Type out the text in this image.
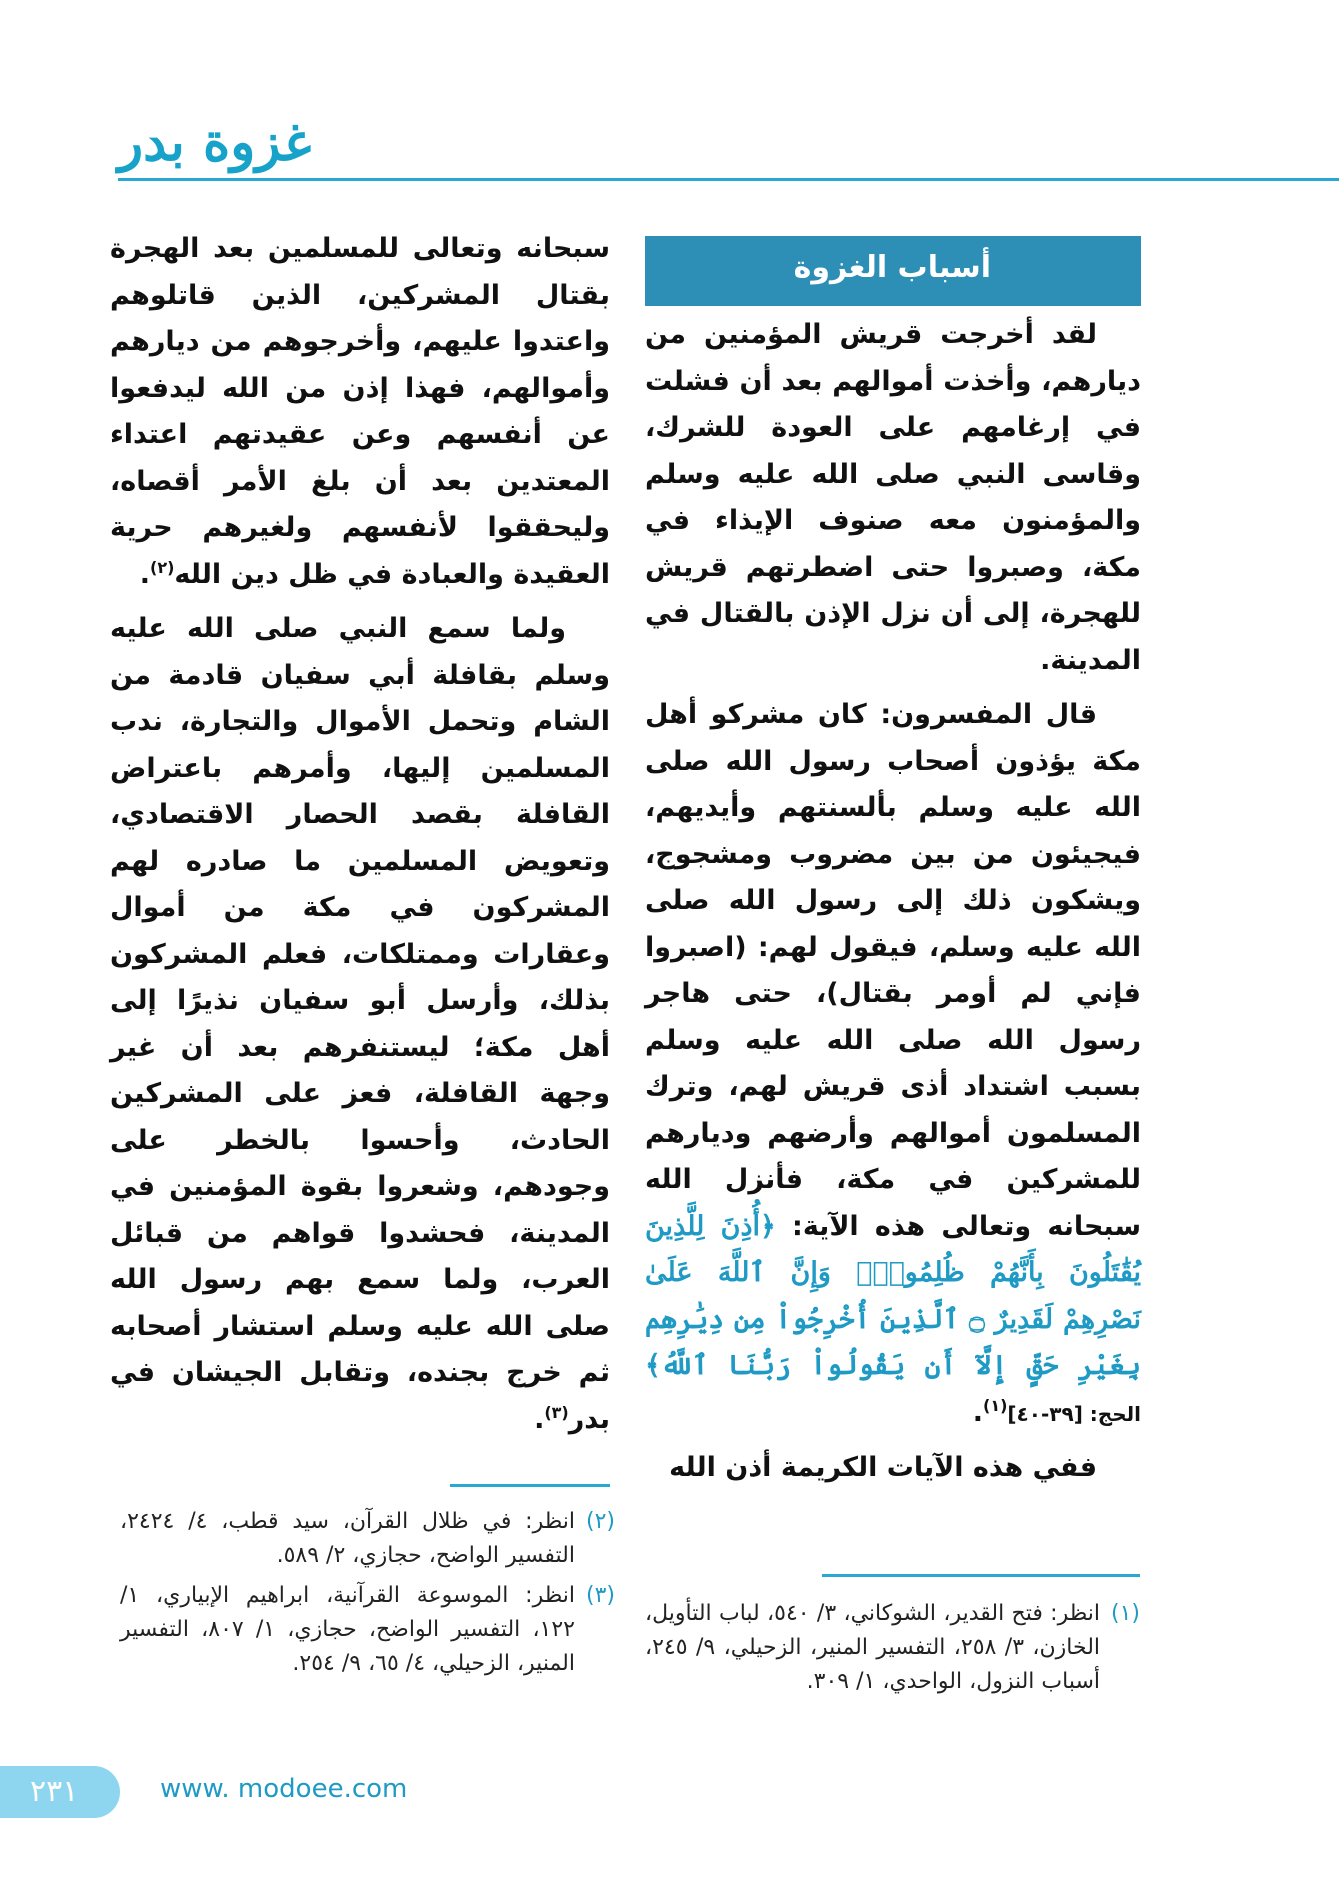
غزوة بدر
أسباب الغزوة

لقد أخرجت قريش المؤمنين من ديارهم، وأخذت أموالهم بعد أن فشلت في إرغامهم على العودة للشرك، وقاسى النبي صلى الله عليه وسلم والمؤمنون معه صنوف الإيذاء في مكة، وصبروا حتى اضطرتهم قريش للهجرة، إلى أن نزل الإذن بالقتال في المدينة.

قال المفسرون: كان مشركو أهل مكة يؤذون أصحاب رسول الله صلى الله عليه وسلم بألسنتهم وأيديهم، فيجيئون من بين مضروب ومشجوج، ويشكون ذلك إلى رسول الله صلى الله عليه وسلم، فيقول لهم: (اصبروا فإني لم أومر بقتال)، حتى هاجر رسول الله صلى الله عليه وسلم بسبب اشتداد أذى قريش لهم، وترك المسلمون أموالهم وأرضهم وديارهم للمشركين في مكة، فأنزل الله سبحانه وتعالى هذه الآية: ﴿أُذِنَ لِلَّذِينَ يُقَٰتَلُونَ بِأَنَّهُمْ ظُلِمُواْۚ وَإِنَّ ٱللَّهَ عَلَىٰ نَصْرِهِمْ لَقَدِيرٌ ۝ ٱلَّذِينَ أُخْرِجُواْ مِن دِيَٰرِهِم بِغَيْرِ حَقٍّ إِلَّآ أَن يَقُولُواْ رَبُّنَا ٱللَّهُ﴾ الحج: [٣٩-٤٠]$^{(١)}$.

ففي هذه الآيات الكريمة أذن الله

سبحانه وتعالى للمسلمين بعد الهجرة بقتال المشركين، الذين قاتلوهم واعتدوا عليهم، وأخرجوهم من ديارهم وأموالهم، فهذا إذن من الله ليدفعوا عن أنفسهم وعن عقيدتهم اعتداء المعتدين بعد أن بلغ الأمر أقصاه، وليحققوا لأنفسهم ولغيرهم حرية العقيدة والعبادة في ظل دين الله$^{(٢)}$.

ولما سمع النبي صلى الله عليه وسلم بقافلة أبي سفيان قادمة من الشام وتحمل الأموال والتجارة، ندب المسلمين إليها، وأمرهم باعتراض القافلة بقصد الحصار الاقتصادي، وتعويض المسلمين ما صادره لهم المشركون في مكة من أموال وعقارات وممتلكات، فعلم المشركون بذلك، وأرسل أبو سفيان نذيرًا إلى أهل مكة؛ ليستنفرهم بعد أن غير وجهة القافلة، فعز على المشركين الحادث، وأحسوا بالخطر على وجودهم، وشعروا بقوة المؤمنين في المدينة، فحشدوا قواهم من قبائل العرب، ولما سمع بهم رسول الله صلى الله عليه وسلم استشار أصحابه ثم خرج بجنده، وتقابل الجيشان في بدر$^{(٣)}$.

(٢)
انظر: في ظلال القرآن، سيد قطب، ٤/ ٢٤٢٤، التفسير الواضح، حجازي، ٢/ ٥٨٩.
(٣)
انظر: الموسوعة القرآنية، ابراهيم الإبياري، ١/ ١٢٢، التفسير الواضح، حجازي، ١/ ٨٠٧، التفسير المنير، الزحيلي، ٤/ ٦٥، ٩/ ٢٥٤.
(١)
انظر: فتح القدير، الشوكاني، ٣/ ٥٤٠، لباب التأويل، الخازن، ٣/ ٢٥٨، التفسير المنير، الزحيلي، ٩/ ٢٤٥، أسباب النزول، الواحدي، ١/ ٣٠٩.
٢٣١	www. modoee.com
